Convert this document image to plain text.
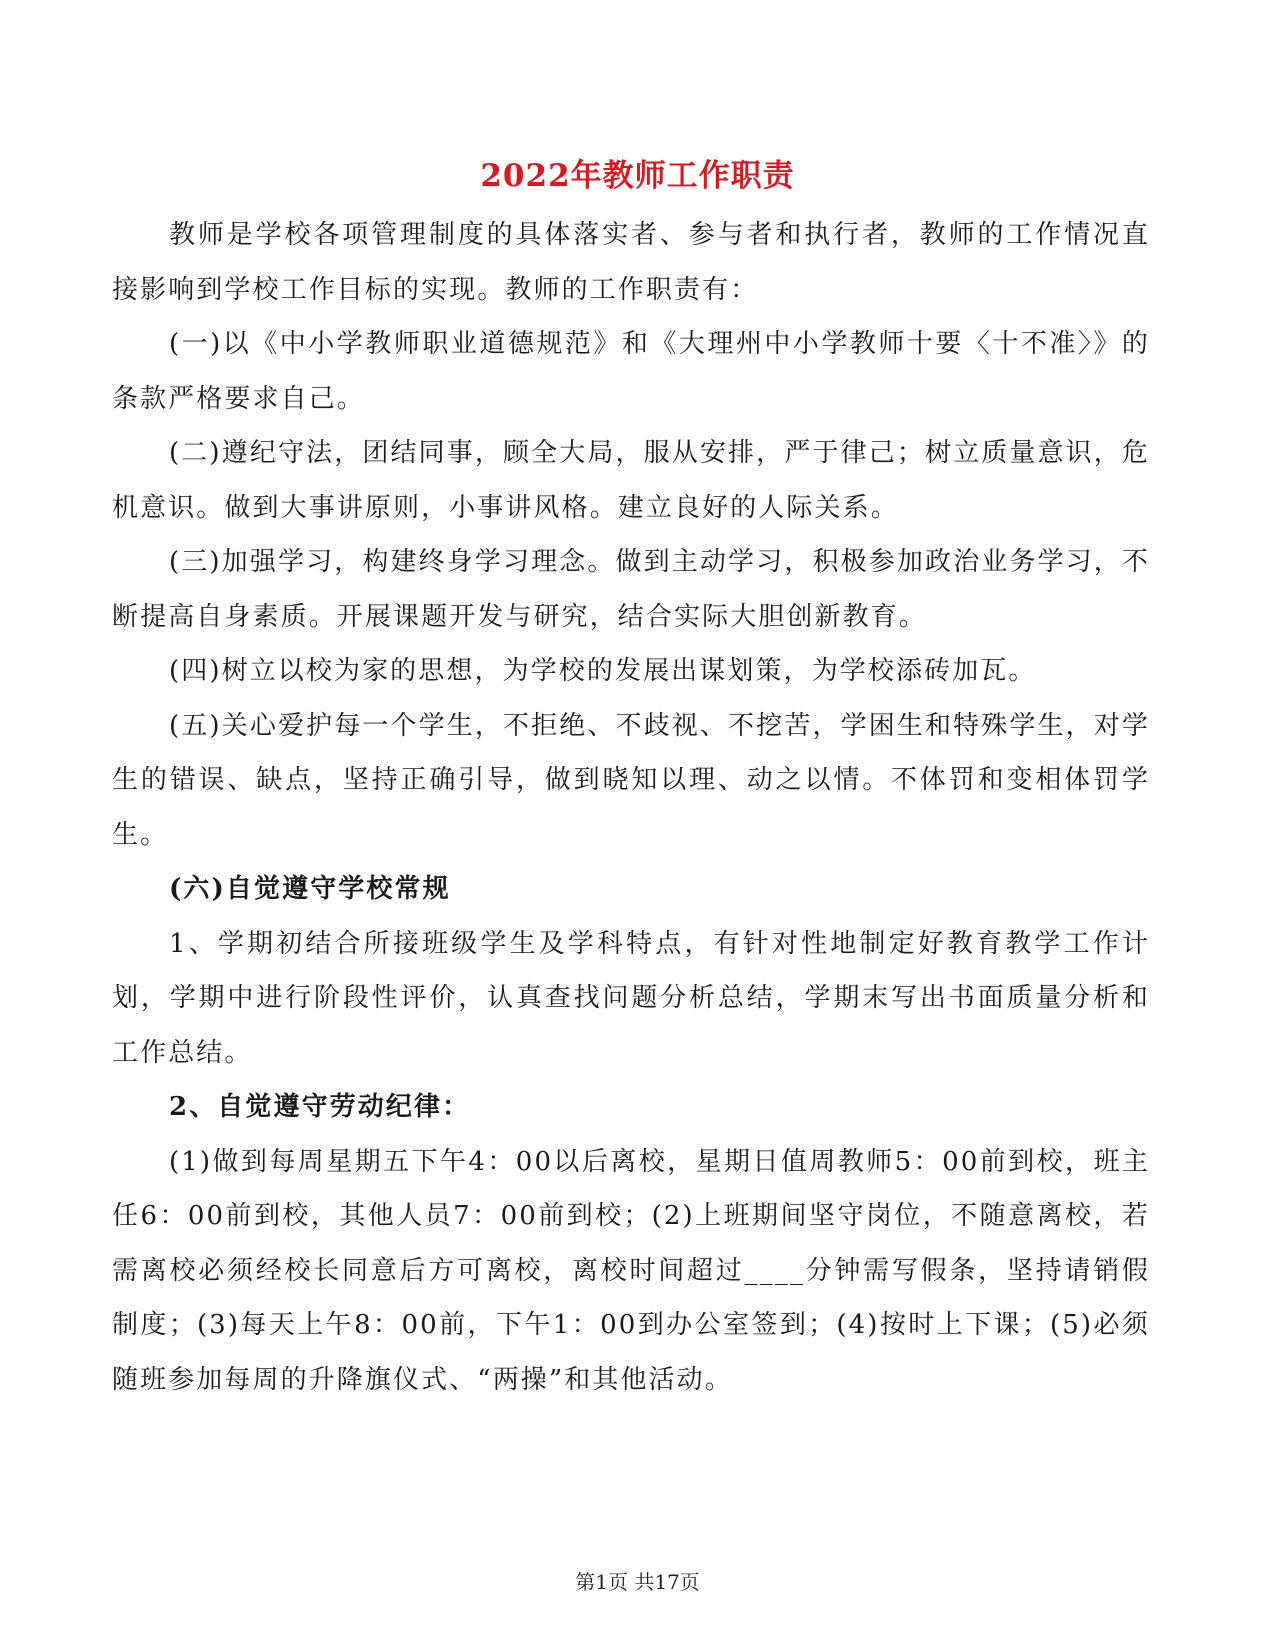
2022年教师工作职责

教师是学校各项管理制度的具体落实者、参与者和执行者，教师的工作情况直接影响到学校工作目标的实现。教师的工作职责有：

(一)以《中小学教师职业道德规范》和《大理州中小学教师十要〈十不准〉》的条款严格要求自己。

(二)遵纪守法，团结同事，顾全大局，服从安排，严于律己；树立质量意识，危机意识。做到大事讲原则，小事讲风格。建立良好的人际关系。

(三)加强学习，构建终身学习理念。做到主动学习，积极参加政治业务学习，不断提高自身素质。开展课题开发与研究，结合实际大胆创新教育。

(四)树立以校为家的思想，为学校的发展出谋划策，为学校添砖加瓦。

(五)关心爱护每一个学生，不拒绝、不歧视、不挖苦，学困生和特殊学生，对学生的错误、缺点，坚持正确引导，做到晓知以理、动之以情。不体罚和变相体罚学生。

(六)自觉遵守学校常规

1、学期初结合所接班级学生及学科特点，有针对性地制定好教育教学工作计划，学期中进行阶段性评价，认真查找问题分析总结，学期末写出书面质量分析和工作总结。

2、自觉遵守劳动纪律：

(1)做到每周星期五下午4：00以后离校，星期日值周教师5：00前到校，班主任6：00前到校，其他人员7：00前到校；(2)上班期间坚守岗位，不随意离校，若需离校必须经校长同意后方可离校，离校时间超过____分钟需写假条，坚持请销假制度；(3)每天上午8：00前，下午1：00到办公室签到；(4)按时上下课；(5)必须随班参加每周的升降旗仪式、“两操”和其他活动。

第1页 共17页
